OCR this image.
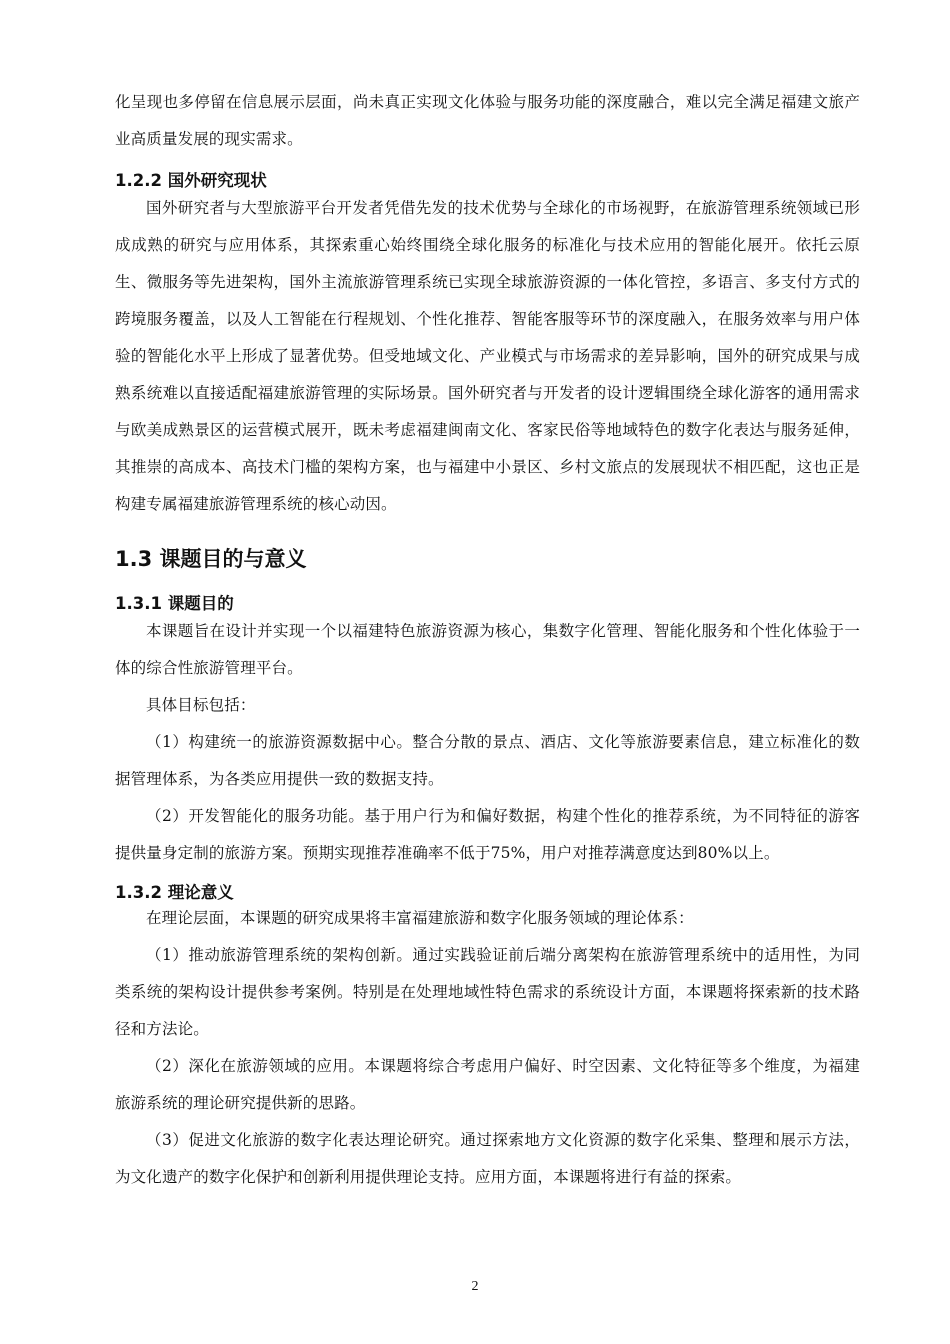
化呈现也多停留在信息展示层面，尚未真正实现文化体验与服务功能的深度融合，难以完全满足福建文旅产业高质量发展的现实需求。

1.2.2 国外研究现状

国外研究者与大型旅游平台开发者凭借先发的技术优势与全球化的市场视野，在旅游管理系统领域已形成成熟的研究与应用体系，其探索重心始终围绕全球化服务的标准化与技术应用的智能化展开。依托云原生、微服务等先进架构，国外主流旅游管理系统已实现全球旅游资源的一体化管控，多语言、多支付方式的跨境服务覆盖，以及人工智能在行程规划、个性化推荐、智能客服等环节的深度融入，在服务效率与用户体验的智能化水平上形成了显著优势。但受地域文化、产业模式与市场需求的差异影响，国外的研究成果与成熟系统难以直接适配福建旅游管理的实际场景。国外研究者与开发者的设计逻辑围绕全球化游客的通用需求与欧美成熟景区的运营模式展开，既未考虑福建闽南文化、客家民俗等地域特色的数字化表达与服务延伸，其推崇的高成本、高技术门槛的架构方案，也与福建中小景区、乡村文旅点的发展现状不相匹配，这也正是构建专属福建旅游管理系统的核心动因。

1.3 课题目的与意义
1.3.1 课题目的

本课题旨在设计并实现一个以福建特色旅游资源为核心，集数字化管理、智能化服务和个性化体验于一体的综合性旅游管理平台。

具体目标包括：

（1）构建统一的旅游资源数据中心。整合分散的景点、酒店、文化等旅游要素信息，建立标准化的数据管理体系，为各类应用提供一致的数据支持。

（2）开发智能化的服务功能。基于用户行为和偏好数据，构建个性化的推荐系统，为不同特征的游客提供量身定制的旅游方案。预期实现推荐准确率不低于75%，用户对推荐满意度达到80%以上。

1.3.2 理论意义

在理论层面，本课题的研究成果将丰富福建旅游和数字化服务领域的理论体系：

（1）推动旅游管理系统的架构创新。通过实践验证前后端分离架构在旅游管理系统中的适用性，为同类系统的架构设计提供参考案例。特别是在处理地域性特色需求的系统设计方面，本课题将探索新的技术路径和方法论。

（2）深化在旅游领域的应用。本课题将综合考虑用户偏好、时空因素、文化特征等多个维度，为福建旅游系统的理论研究提供新的思路。

（3）促进文化旅游的数字化表达理论研究。通过探索地方文化资源的数字化采集、整理和展示方法，为文化遗产的数字化保护和创新利用提供理论支持。应用方面，本课题将进行有益的探索。

2
